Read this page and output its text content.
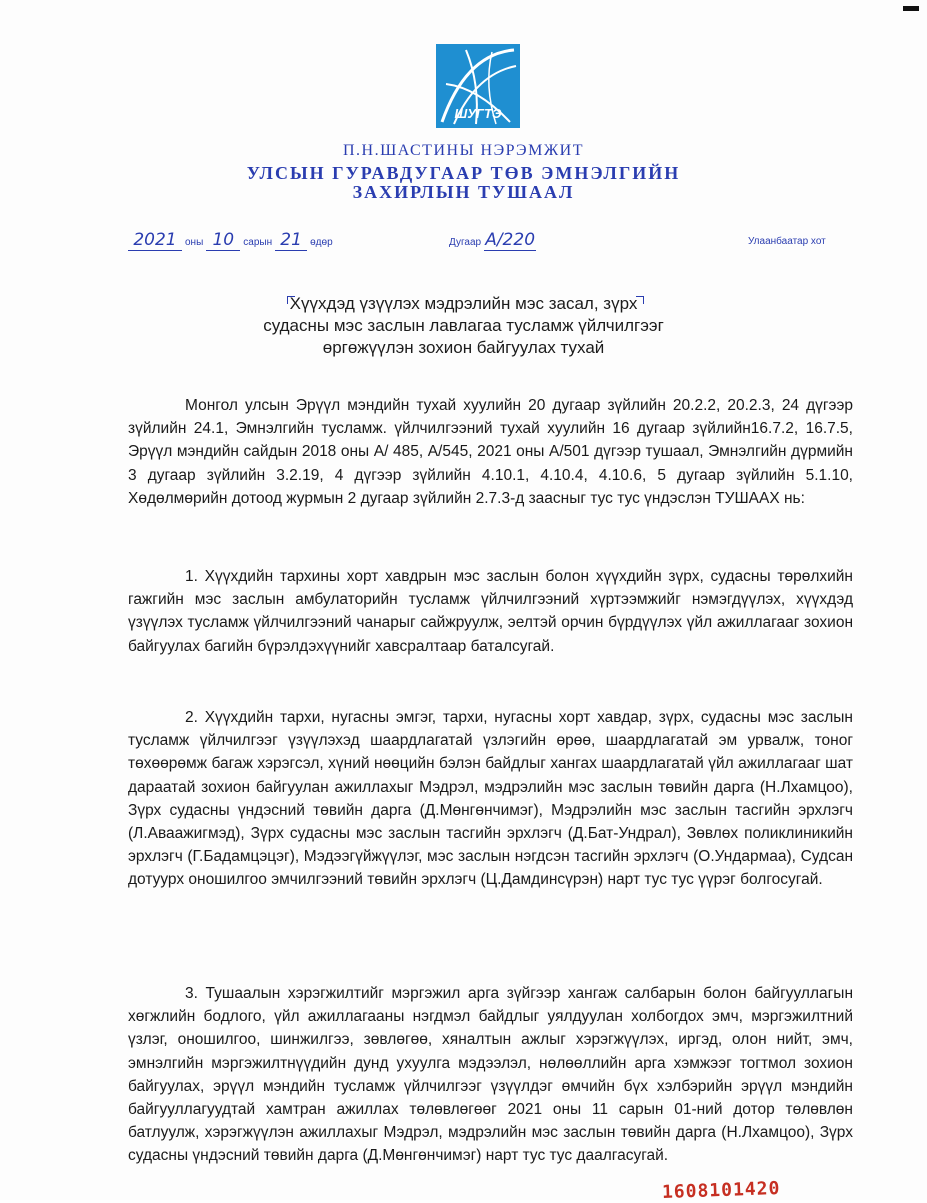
ШУГТЭ
П.Н.ШАСТИНЫ НЭРЭМЖИТ
УЛСЫН ГУРАВДУГААР ТӨВ ЭМНЭЛГИЙН
ЗАХИРЛЫН ТУШААЛ
2021 оны 10 сарын 21 өдөр	Дугаар А/220	Улаанбаатар хот
Хүүхдэд үзүүлэх мэдрэлийн мэс засал, зүрх
судасны мэс заслын лавлагаа тусламж үйлчилгээг
өргөжүүлэн зохион байгуулах тухай

Монгол улсын Эрүүл мэндийн тухай хуулийн 20 дугаар зүйлийн 20.2.2, 20.2.3, 24 дүгээр зүйлийн 24.1, Эмнэлгийн тусламж. үйлчилгээний тухай хуулийн 16 дугаар зүйлийн16.7.2, 16.7.5, Эрүүл мэндийн сайдын 2018 оны А/ 485, А/545, 2021 оны А/501 дүгээр тушаал, Эмнэлгийн дүрмийн 3 дугаар зүйлийн 3.2.19, 4 дүгээр зүйлийн 4.10.1, 4.10.4, 4.10.6, 5 дугаар зүйлийн 5.1.10, Хөдөлмөрийн дотоод журмын 2 дугаар зүйлийн 2.7.3-д заасныг тус тус үндэслэн ТУШААХ нь:

1. Хүүхдийн тархины хорт хавдрын мэс заслын болон хүүхдийн зүрх, судасны төрөлхийн гажгийн мэс заслын амбулаторийн тусламж үйлчилгээний хүртээмжийг нэмэгдүүлэх, хүүхдэд үзүүлэх тусламж үйлчилгээний чанарыг сайжруулж, эелтэй орчин бүрдүүлэх үйл ажиллагааг зохион байгуулах багийн бүрэлдэхүүнийг хавсралтаар баталсугай.

2. Хүүхдийн тархи, нугасны эмгэг, тархи, нугасны хорт хавдар, зүрх, судасны мэс заслын тусламж үйлчилгээг үзүүлэхэд шаардлагатай үзлэгийн өрөө, шаардлагатай эм урвалж, тоног төхөөрөмж багаж хэрэгсэл, хүний нөөцийн бэлэн байдлыг хангах шаардлагатай үйл ажиллагааг шат дараатай зохион байгуулан ажиллахыг Мэдрэл, мэдрэлийн мэс заслын төвийн дарга (Н.Лхамцоо), Зүрх судасны үндэсний төвийн дарга (Д.Мөнгөнчимэг), Мэдрэлийн мэс заслын тасгийн эрхлэгч (Л.Аваажигмэд), Зүрх судасны мэс заслын тасгийн эрхлэгч (Д.Бат-Ундрал), Зөвлөх поликлиникийн эрхлэгч (Г.Бадамцэцэг), Мэдээгүйжүүлэг, мэс заслын нэгдсэн тасгийн эрхлэгч (О.Ундармаа), Судсан дотуурх оношилгоо эмчилгээний төвийн эрхлэгч (Ц.Дамдинсүрэн) нарт тус тус үүрэг болгосугай.

3. Тушаалын хэрэгжилтийг мэргэжил арга зүйгээр хангаж салбарын болон байгууллагын хөгжлийн бодлого, үйл ажиллагааны нэгдмэл байдлыг уялдуулан холбогдох эмч, мэргэжилтний үзлэг, оношилгоо, шинжилгээ, зөвлөгөө, хяналтын ажлыг хэрэгжүүлэх, иргэд, олон нийт, эмч, эмнэлгийн мэргэжилтнүүдийн дунд ухуулга мэдээлэл, нөлөөллийн арга хэмжээг тогтмол зохион байгуулах, эрүүл мэндийн тусламж үйлчилгээг үзүүлдэг өмчийн бүх хэлбэрийн эрүүл мэндийн байгууллагуудтай хамтран ажиллах төлөвлөгөөг 2021 оны 11 сарын 01-ний дотор төлөвлөн батлуулж, хэрэгжүүлэн ажиллахыг Мэдрэл, мэдрэлийн мэс заслын төвийн дарга (Н.Лхамцоо), Зүрх судасны үндэсний төвийн дарга (Д.Мөнгөнчимэг) нарт тус тус даалгасугай.

1608101420
